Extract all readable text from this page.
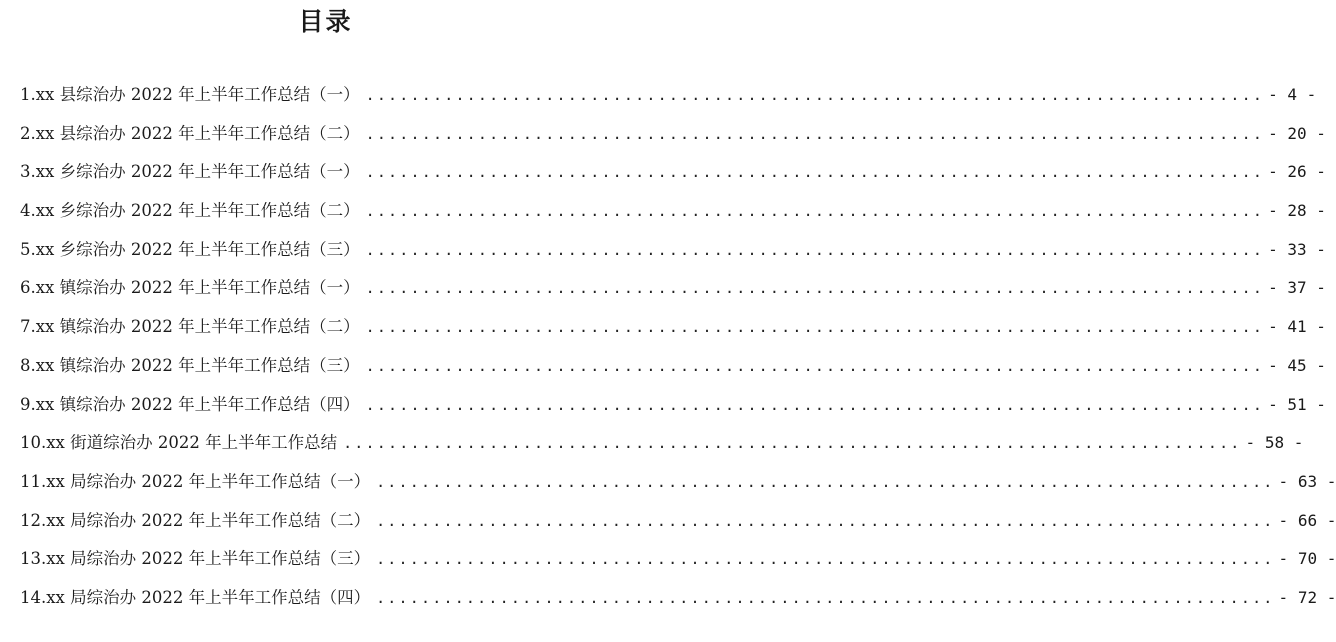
目录
1.xx 县综治办 2022 年上半年工作总结（一） ................................................................................ - 4 -
2.xx 县综治办 2022 年上半年工作总结（二） ................................................................................ - 20 -
3.xx 乡综治办 2022 年上半年工作总结（一） ................................................................................ - 26 -
4.xx 乡综治办 2022 年上半年工作总结（二） ................................................................................ - 28 -
5.xx 乡综治办 2022 年上半年工作总结（三） ................................................................................ - 33 -
6.xx 镇综治办 2022 年上半年工作总结（一） ................................................................................ - 37 -
7.xx 镇综治办 2022 年上半年工作总结（二） ................................................................................ - 41 -
8.xx 镇综治办 2022 年上半年工作总结（三） ................................................................................ - 45 -
9.xx 镇综治办 2022 年上半年工作总结（四） ................................................................................ - 51 -
10.xx 街道综治办 2022 年上半年工作总结 ................................................................................ - 58 -
11.xx 局综治办 2022 年上半年工作总结（一） ................................................................................ - 63 -
12.xx 局综治办 2022 年上半年工作总结（二） ................................................................................ - 66 -
13.xx 局综治办 2022 年上半年工作总结（三） ................................................................................ - 70 -
14.xx 局综治办 2022 年上半年工作总结（四） ................................................................................ - 72 -
